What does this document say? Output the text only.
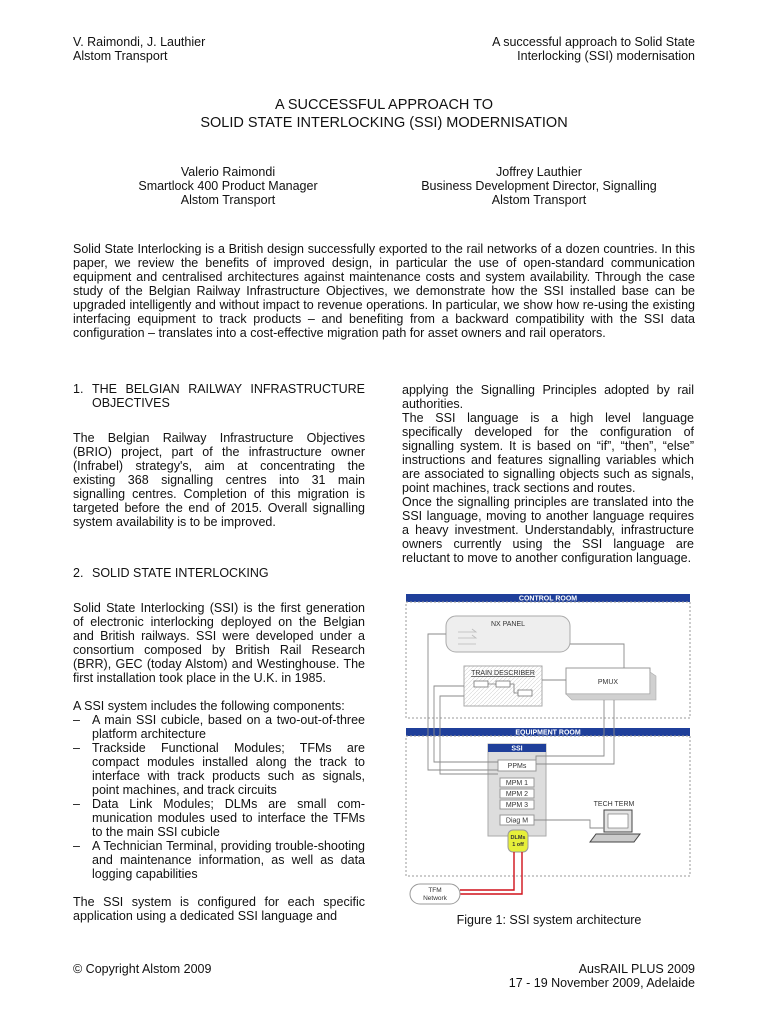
V. Raimondi, J. Lauthier
Alstom Transport
A successful approach to Solid State
Interlocking (SSI) modernisation
A SUCCESSFUL APPROACH TO
SOLID STATE INTERLOCKING (SSI) MODERNISATION
Valerio Raimondi
Smartlock 400 Product Manager
Alstom Transport
Joffrey Lauthier
Business Development Director, Signalling
Alstom Transport
Solid State Interlocking is a British design successfully exported to the rail networks of a dozen countries. In this paper, we review the benefits of improved design, in particular the use of open-standard communication equipment and centralised architectures against maintenance costs and system availability. Through the case study of the Belgian Railway Infrastructure Objectives, we demonstrate how the SSI installed base can be upgraded intelligently and without impact to revenue operations. In particular, we show how re-using the existing interfacing equipment to track products – and benefiting from a backward compatibility with the SSI data configuration – translates into a cost-effective migration path for asset owners and rail operators.
1. THE BELGIAN RAILWAY INFRASTRUCTURE OBJECTIVES

The Belgian Railway Infrastructure Objectives (BRIO) project, part of the infrastructure owner (Infrabel) strategy's, aim at concentrating the existing 368 signalling centres into 31 main signalling centres. Completion of this migration is targeted before the end of 2015. Overall signalling system availability is to be improved.

2. SOLID STATE INTERLOCKING

Solid State Interlocking (SSI) is the first generation of electronic interlocking deployed on the Belgian and British railways. SSI were developed under a consortium composed by British Rail Research (BRR), GEC (today Alstom) and Westinghouse. The first installation took place in the U.K. in 1985.

A SSI system includes the following components:

– A main SSI cubicle, based on a two-out-of-three platform architecture
– Trackside Functional Modules; TFMs are compact modules installed along the track to interface with track products such as signals, point machines, and track circuits
– Data Link Modules; DLMs are small com-munication modules used to interface the TFMs to the main SSI cubicle
– A Technician Terminal, providing trouble-shooting and maintenance information, as well as data logging capabilities

The SSI system is configured for each specific application using a dedicated SSI language and

applying the Signalling Principles adopted by rail authorities.

The SSI language is a high level language specifically developed for the configuration of signalling system. It is based on “if”, “then”, “else” instructions and features signalling variables which are associated to signalling objects such as signals, point machines, track sections and routes.

Once the signalling principles are translated into the SSI language, moving to another language requires a heavy investment. Understandably, infrastructure owners currently using the SSI language are reluctant to move to another configuration language.

CONTROL ROOM
NX PANEL
TRAIN DESCRIBER
PMUX
EQUIPMENT ROOM
SSI
PPMs
MPM 1
MPM 2
MPM 3
Diag M
DLMs
1 off
TECH TERM
TFM
Network
Figure 1: SSI system architecture
© Copyright Alstom 2009	AusRAIL PLUS 2009
17 - 19 November 2009, Adelaide
